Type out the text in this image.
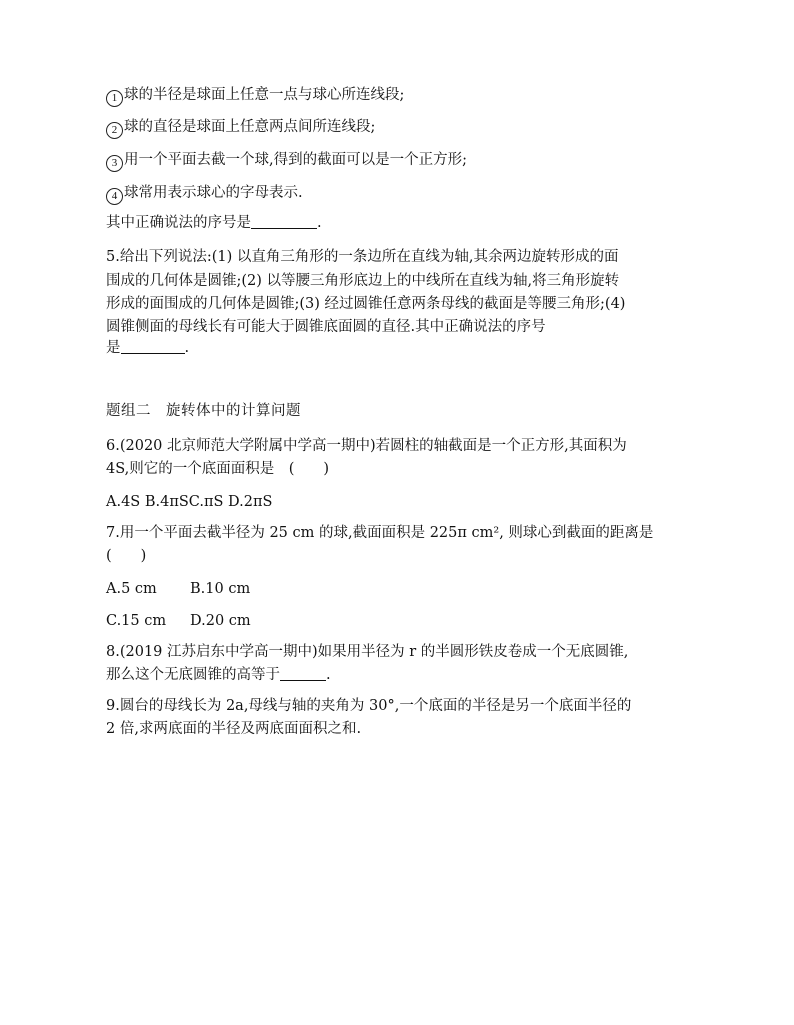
1 球的半径是球面上任意一点与球心所连线段;
2 球的直径是球面上任意两点间所连线段;
3 用一个平面去截一个球,得到的截面可以是一个正方形;
4 球常用表示球心的字母表示.
其中正确说法的序号是	.
5.给出下列说法:(1) 以直角三角形的一条边所在直线为轴,其余两边旋转形成的面
围成的几何体是圆锥;(2) 以等腰三角形底边上的中线所在直线为轴,将三角形旋转
形成的面围成的几何体是圆锥;(3) 经过圆锥任意两条母线的截面是等腰三角形;(4)
圆锥侧面的母线长有可能大于圆锥底面圆的直径.其中正确说法的序号
是	.
题组二　旋转体中的计算问题
6.(2020 北京师范大学附属中学高一期中)若圆柱的轴截面是一个正方形,其面积为
4S,则它的一个底面面积是　(　　)
A.4S B.4πSC.πS D.2πS
7.用一个平面去截半径为 25 cm 的球,截面面积是 225π cm², 则球心到截面的距离是
(　　)
A.5 cm B.10 cm
C.15 cm D.20 cm
8.(2019 江苏启东中学高一期中)如果用半径为 r 的半圆形铁皮卷成一个无底圆锥,
那么这个无底圆锥的高等于	.
9.圆台的母线长为 2a,母线与轴的夹角为 30°,一个底面的半径是另一个底面半径的
2 倍,求两底面的半径及两底面面积之和.
